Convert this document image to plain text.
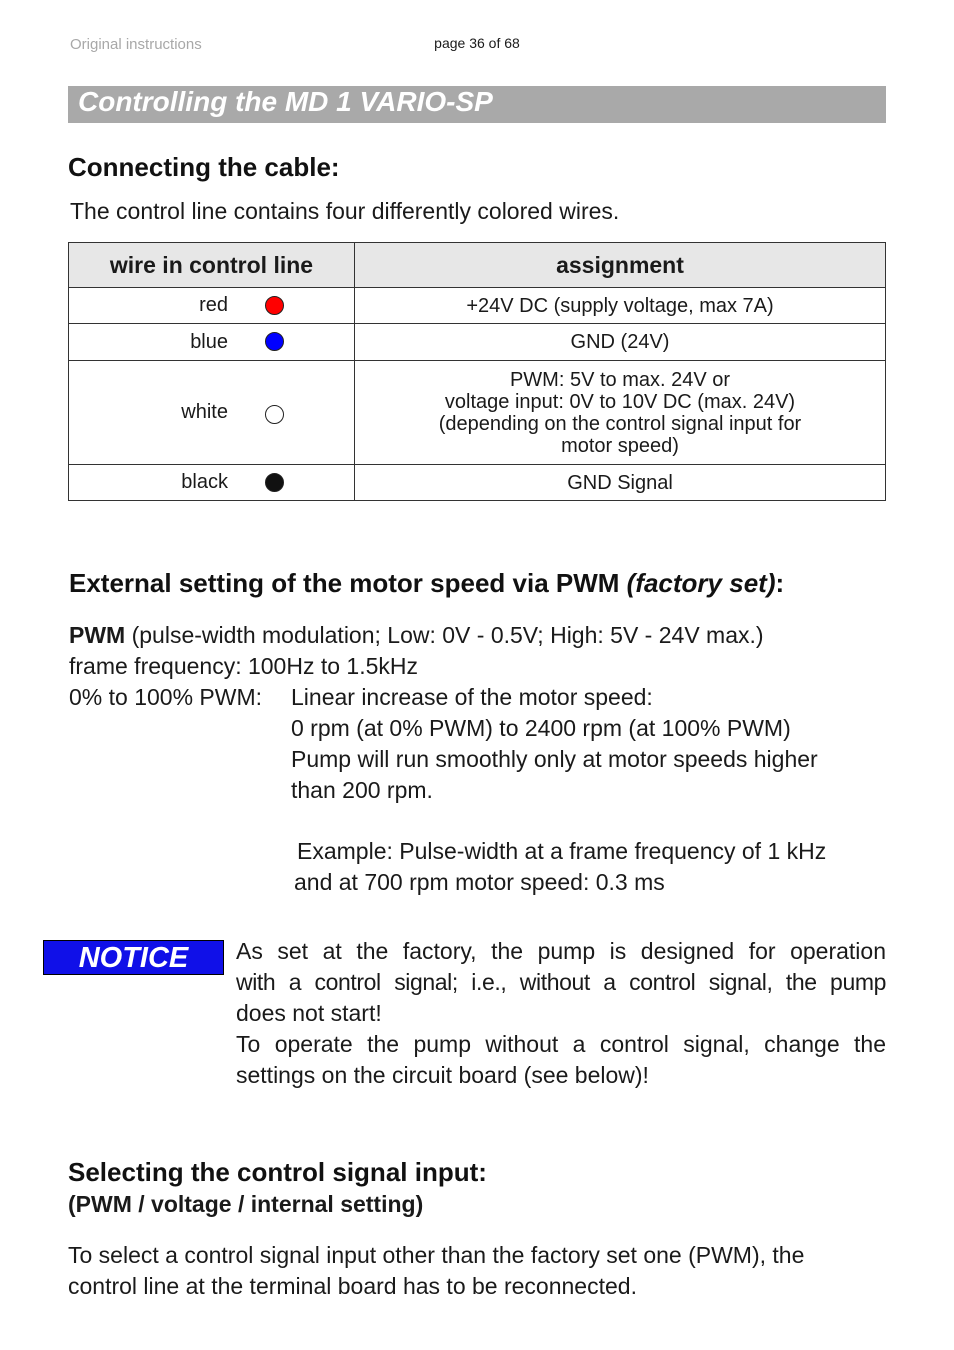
Original instructions	page 36 of 68
Controlling the MD 1 VARIO-SP
Connecting the cable:

The control line contains four differently colored wires.

wire in control line	assignment

red	+24V DC (supply voltage, max 7A)

blue	GND (24V)

white	PWM: 5V to max. 24V or
voltage input: 0V to 10V DC (max. 24V)
(depending on the control signal input for
motor speed)

black	GND Signal
External setting of the motor speed via PWM (factory set):

PWM (pulse-width modulation; Low: 0V - 0.5V; High: 5V - 24V max.)

frame frequency: 100Hz to 1.5kHz

0% to 100% PWM: Linear increase of the motor speed:

0 rpm (at 0% PWM) to 2400 rpm (at 100% PWM)

Pump will run smoothly only at motor speeds higher

than 200 rpm.

Example: Pulse-width at a frame frequency of 1 kHz

and at 700 rpm motor speed: 0.3 ms

NOTICE	As set at the factory, the pump is designed for operation

with a control signal; i.e., without a control signal, the pump

does not start!

To operate the pump without a control signal, change the

settings on the circuit board (see below)!

Selecting the control signal input:
(PWM / voltage / internal setting)

To select a control signal input other than the factory set one (PWM), the

control line at the terminal board has to be reconnected.
